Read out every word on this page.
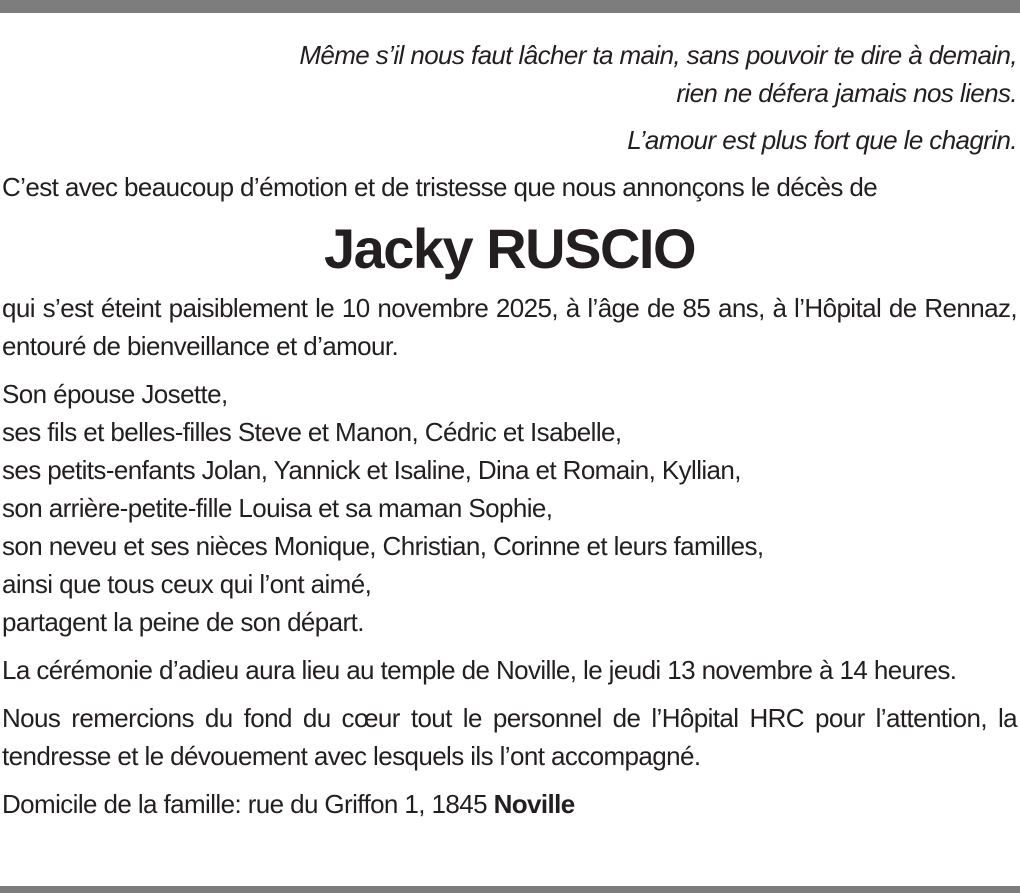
Même s’il nous faut lâcher ta main, sans pouvoir te dire à demain,
rien ne défera jamais nos liens.
L’amour est plus fort que le chagrin.

C’est avec beaucoup d’émotion et de tristesse que nous annonçons le décès de

Jacky RUSCIO

qui s’est éteint paisiblement le 10 novembre 2025, à l’âge de 85 ans, à l’Hôpital de Rennaz, entouré de bienveillance et d’amour.

Son épouse Josette,
ses fils et belles-filles Steve et Manon, Cédric et Isabelle,
ses petits-enfants Jolan, Yannick et Isaline, Dina et Romain, Kyllian,
son arrière-petite-fille Louisa et sa maman Sophie,
son neveu et ses nièces Monique, Christian, Corinne et leurs familles,
ainsi que tous ceux qui l’ont aimé,
partagent la peine de son départ.

La cérémonie d’adieu aura lieu au temple de Noville, le jeudi 13 novembre à 14 heures.

Nous remercions du fond du cœur tout le personnel de l’Hôpital HRC pour l’attention, la tendresse et le dévouement avec lesquels ils l’ont accompagné.

Domicile de la famille: rue du Griffon 1, 1845 Noville
